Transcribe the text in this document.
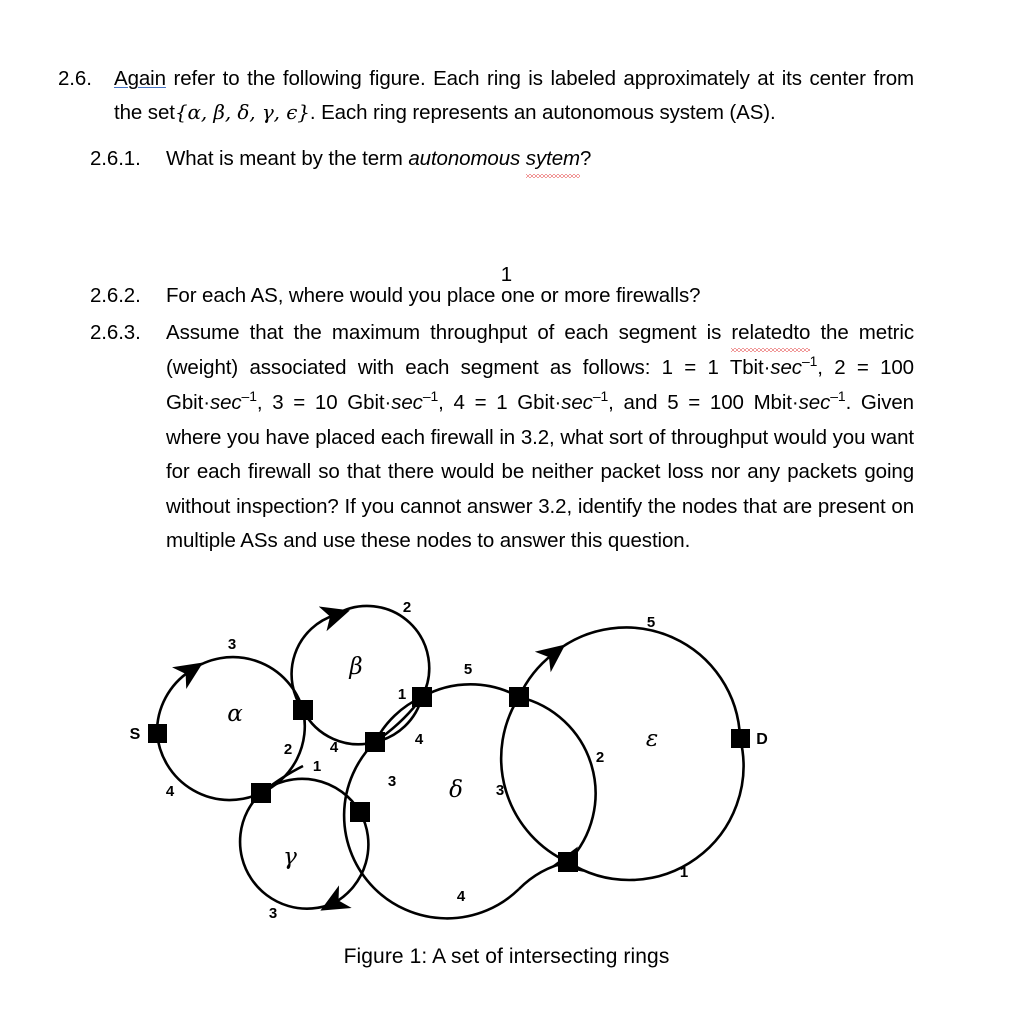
2.6.	Again refer to the following figure. Each ring is labeled approximately at its center from the set{α, β, δ, γ, ϵ}. Each ring represents an autonomous system (AS).
2.6.1.	What is meant by the term autonomous sytem?
2.6.2.	For each AS, where would you place one or more firewalls?
2.6.3.	Assume that the maximum throughput of each segment is relatedto the metric (weight) associated with each segment as follows: 1 = 1 $Tbit\cdot\sec^{-1}$, 2 = 100 $Gbit\cdot\sec^{-1}$, 3 = 10 $Gbit\cdot\sec^{-1}$, 4 = 1 $Gbit\cdot\sec^{-1}$, and 5 = 100 $Mbit\cdot\sec^{-1}$. Given where you have placed each firewall in 3.2, what sort of throughput would you want for each firewall so that there would be neither packet loss nor any packets going without inspection? If you cannot answer 3.2, identify the nodes that are present on multiple ASs and use these nodes to answer this question.
1
S	D
α
β
δ
γ
ε
3
4
2
2
1
4
1
4
5
3
3
3
4
5
2
1
Figure 1: A set of intersecting rings
